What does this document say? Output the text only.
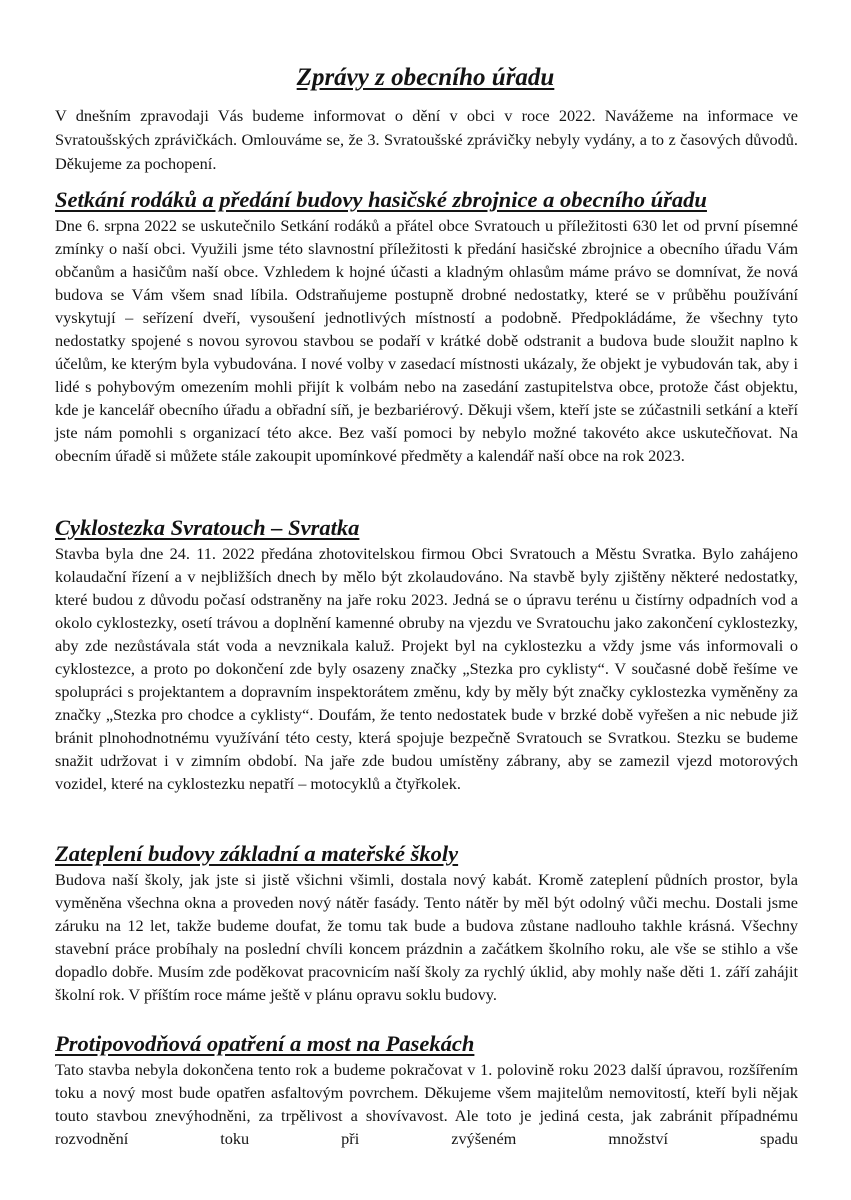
Zprávy z obecního úřadu

V dnešním zpravodaji Vás budeme informovat o dění v obci v roce 2022. Navážeme na informace ve Svratoušských zprávičkách. Omlouváme se, že 3. Svratoušské zprávičky nebyly vydány, a to z časových důvodů. Děkujeme za pochopení.

Setkání rodáků a předání budovy hasičské zbrojnice a obecního úřadu

Dne 6. srpna 2022 se uskutečnilo Setkání rodáků a přátel obce Svratouch u příležitosti 630 let od první písemné zmínky o naší obci. Využili jsme této slavnostní příležitosti k předání hasičské zbrojnice a obecního úřadu Vám občanům a hasičům naší obce. Vzhledem k hojné účasti a kladným ohlasům máme právo se domnívat, že nová budova se Vám všem snad líbila. Odstraňujeme postupně drobné nedostatky, které se v průběhu používání vyskytují – seřízení dveří, vysoušení jednotlivých místností a podobně. Předpokládáme, že všechny tyto nedostatky spojené s novou syrovou stavbou se podaří v krátké době odstranit a budova bude sloužit naplno k účelům, ke kterým byla vybudována. I nové volby v zasedací místnosti ukázaly, že objekt je vybudován tak, aby i lidé s pohybovým omezením mohli přijít k volbám nebo na zasedání zastupitelstva obce, protože část objektu, kde je kancelář obecního úřadu a obřadní síň, je bezbariérový. Děkuji všem, kteří jste se zúčastnili setkání a kteří jste nám pomohli s organizací této akce. Bez vaší pomoci by nebylo možné takovéto akce uskutečňovat. Na obecním úřadě si můžete stále zakoupit upomínkové předměty a kalendář naší obce na rok 2023.

Cyklostezka Svratouch – Svratka

Stavba byla dne 24. 11. 2022 předána zhotovitelskou firmou Obci Svratouch a Městu Svratka. Bylo zahájeno kolaudační řízení a v nejbližších dnech by mělo být zkolaudováno. Na stavbě byly zjištěny některé nedostatky, které budou z důvodu počasí odstraněny na jaře roku 2023. Jedná se o úpravu terénu u čistírny odpadních vod a okolo cyklostezky, osetí trávou a doplnění kamenné obruby na vjezdu ve Svratouchu jako zakončení cyklostezky, aby zde nezůstávala stát voda a nevznikala kaluž. Projekt byl na cyklostezku a vždy jsme vás informovali o cyklostezce, a proto po dokončení zde byly osazeny značky „Stezka pro cyklisty“. V současné době řešíme ve spolupráci s projektantem a dopravním inspektorátem změnu, kdy by měly být značky cyklostezka vyměněny za značky „Stezka pro chodce a cyklisty“. Doufám, že tento nedostatek bude v brzké době vyřešen a nic nebude již bránit plnohodnotnému využívání této cesty, která spojuje bezpečně Svratouch se Svratkou. Stezku se budeme snažit udržovat i v zimním období. Na jaře zde budou umístěny zábrany, aby se zamezil vjezd motorových vozidel, které na cyklostezku nepatří – motocyklů a čtyřkolek.

Zateplení budovy základní a mateřské školy

Budova naší školy, jak jste si jistě všichni všimli, dostala nový kabát. Kromě zateplení půdních prostor, byla vyměněna všechna okna a proveden nový nátěr fasády. Tento nátěr by měl být odolný vůči mechu. Dostali jsme záruku na 12 let, takže budeme doufat, že tomu tak bude a budova zůstane nadlouho takhle krásná. Všechny stavební práce probíhaly na poslední chvíli koncem prázdnin a začátkem školního roku, ale vše se stihlo a vše dopadlo dobře. Musím zde poděkovat pracovnicím naší školy za rychlý úklid, aby mohly naše děti 1. září zahájit školní rok. V příštím roce máme ještě v plánu opravu soklu budovy.

Protipovodňová opatření a most na Pasekách

Tato stavba nebyla dokončena tento rok a budeme pokračovat v 1. polovině roku 2023 další úpravou, rozšířením toku a nový most bude opatřen asfaltovým povrchem. Děkujeme všem majitelům nemovitostí, kteří byli nějak touto stavbou znevýhodněni, za trpělivost a shovívavost. Ale toto je jediná cesta, jak zabránit případnému rozvodnění toku při zvýšeném množství spadu
